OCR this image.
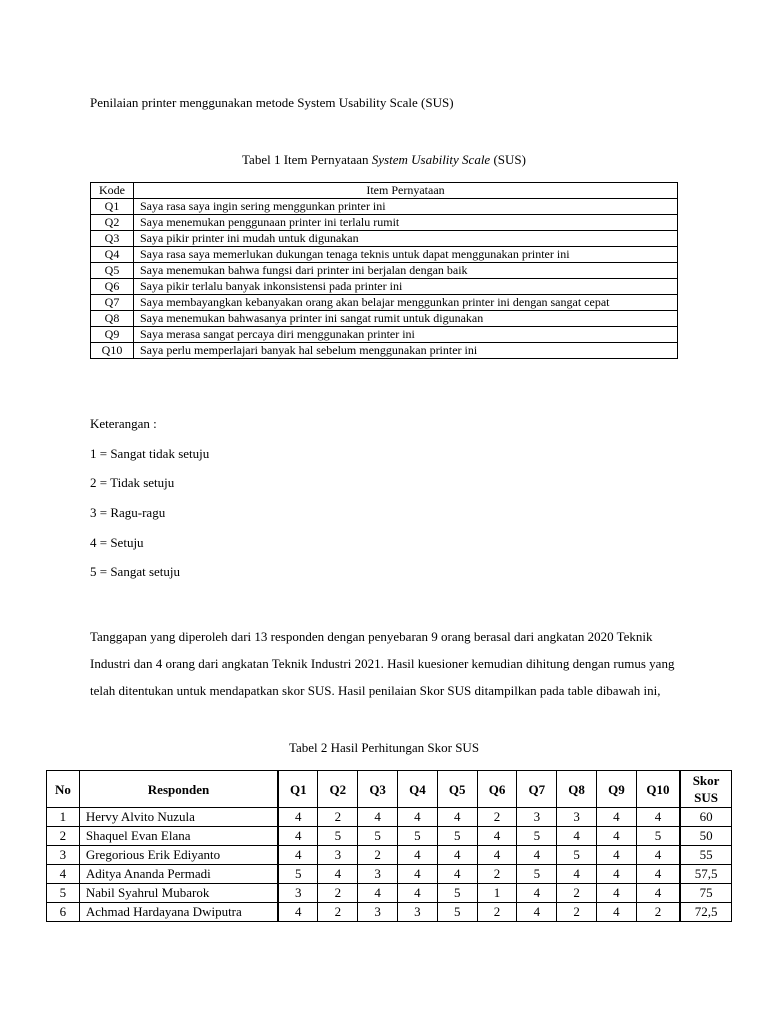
Penilaian printer menggunakan metode System Usability Scale (SUS)
Tabel 1 Item Pernyataan System Usability Scale (SUS)
Kode	Item Pernyataan
Q1	Saya rasa saya ingin sering menggunkan printer ini
Q2	Saya menemukan penggunaan printer ini terlalu rumit
Q3	Saya pikir printer ini mudah untuk digunakan
Q4	Saya rasa saya memerlukan dukungan tenaga teknis untuk dapat menggunakan printer ini
Q5	Saya menemukan bahwa fungsi dari printer ini berjalan dengan baik
Q6	Saya pikir terlalu banyak inkonsistensi pada printer ini
Q7	Saya membayangkan kebanyakan orang akan belajar menggunkan printer ini dengan sangat cepat
Q8	Saya menemukan bahwasanya printer ini sangat rumit untuk digunakan
Q9	Saya merasa sangat percaya diri menggunakan printer ini
Q10	Saya perlu memperlajari banyak hal sebelum menggunakan printer ini
Keterangan :
1 = Sangat tidak setuju
2 = Tidak setuju
3 = Ragu-ragu
4 = Setuju
5 = Sangat setuju
Tanggapan yang diperoleh dari 13 responden dengan penyebaran 9 orang berasal dari angkatan 2020 Teknik Industri dan 4 orang dari angkatan Teknik Industri 2021. Hasil kuesioner kemudian dihitung dengan rumus yang telah ditentukan untuk mendapatkan skor SUS. Hasil penilaian Skor SUS ditampilkan pada table dibawah ini,
Tabel 2 Hasil Perhitungan Skor SUS
No	Responden	Q1	Q2	Q3	Q4	Q5	Q6	Q7	Q8	Q9	Q10	Skor SUS
1	Hervy Alvito Nuzula	4	2	4	4	4	2	3	3	4	4	60
2	Shaquel Evan Elana	4	5	5	5	5	4	5	4	4	5	50
3	Gregorious Erik Ediyanto	4	3	2	4	4	4	4	5	4	4	55
4	Aditya Ananda Permadi	5	4	3	4	4	2	5	4	4	4	57,5
5	Nabil Syahrul Mubarok	3	2	4	4	5	1	4	2	4	4	75
6	Achmad Hardayana Dwiputra	4	2	3	3	5	2	4	2	4	2	72,5
